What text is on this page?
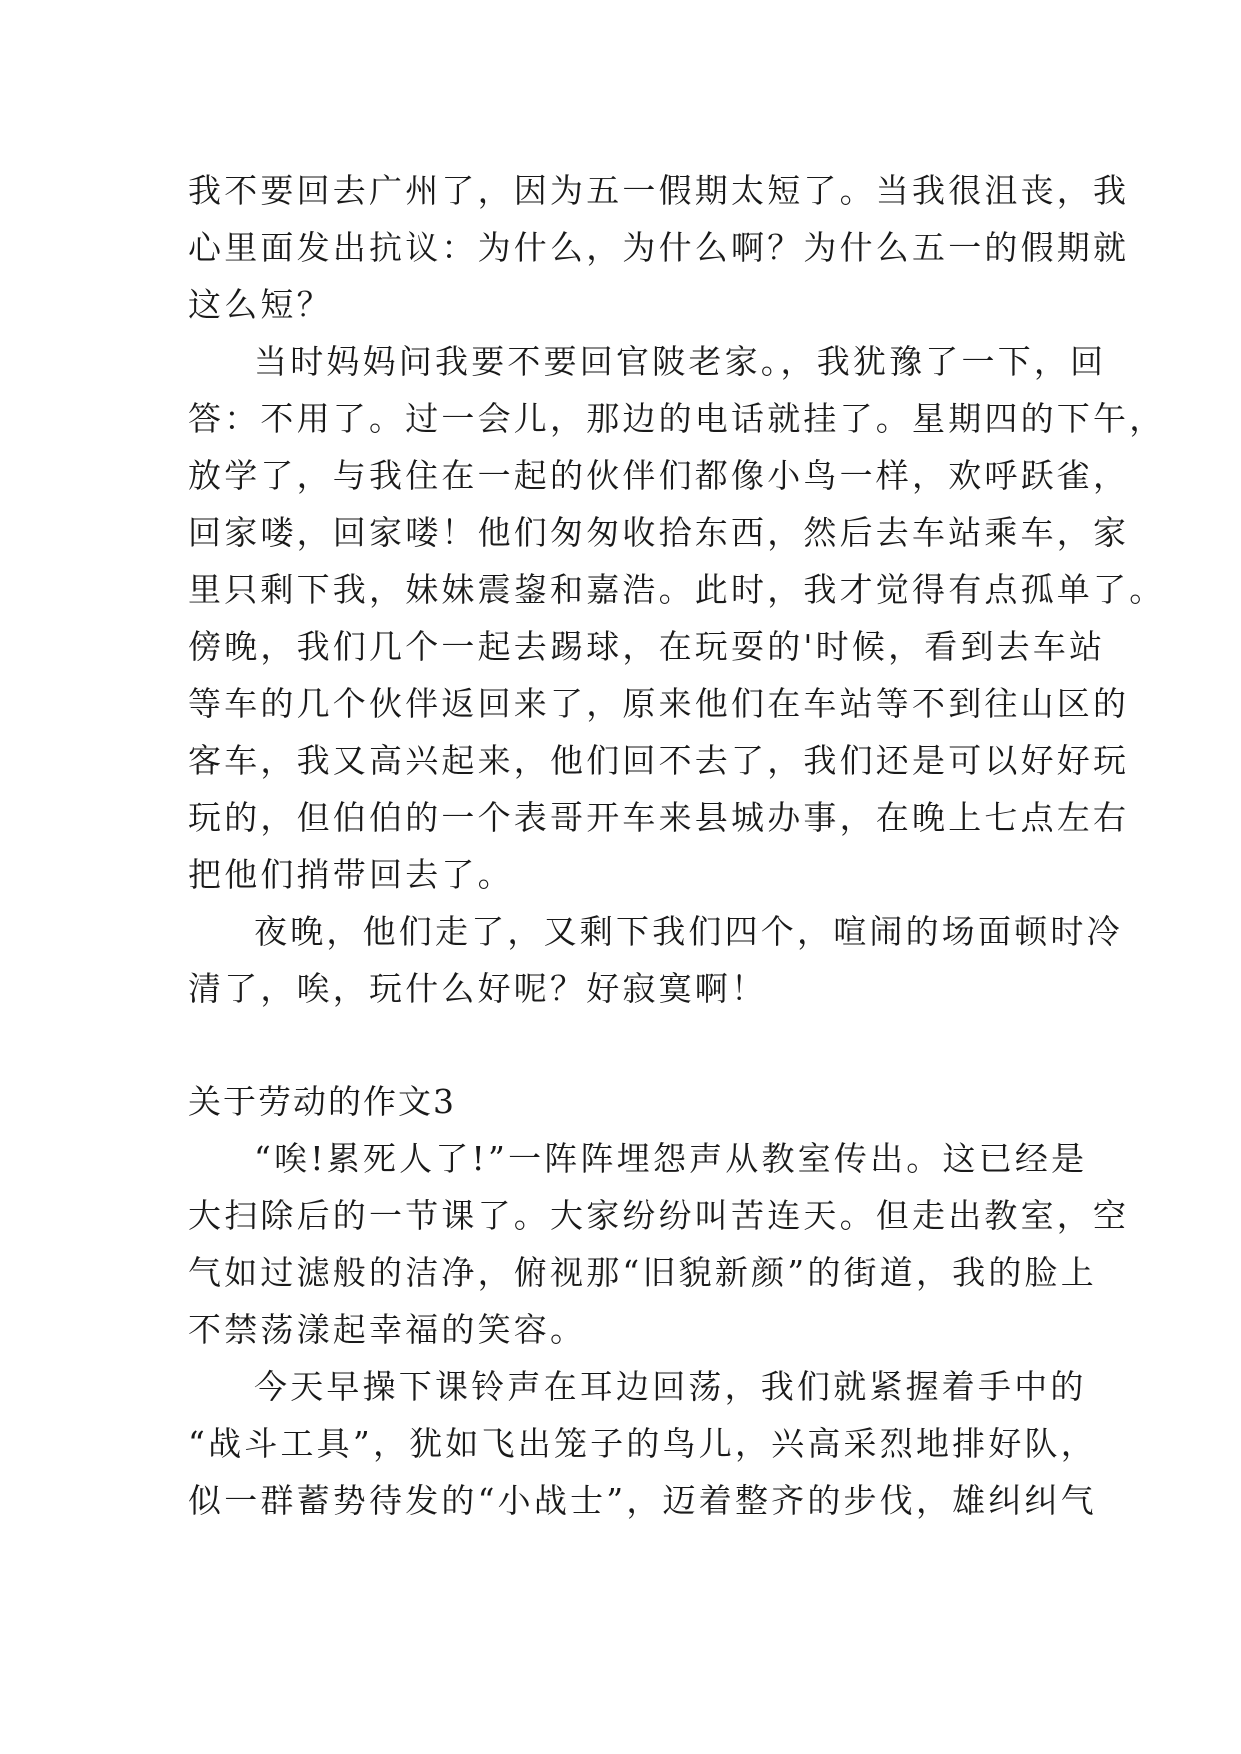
我不要回去广州了，因为五一假期太短了。当我很沮丧，我
心里面发出抗议：为什么，为什么啊？为什么五一的假期就
这么短？
当时妈妈问我要不要回官陂老家。，我犹豫了一下，回
答：不用了。过一会儿，那边的电话就挂了。星期四的下午，
放学了，与我住在一起的伙伴们都像小鸟一样，欢呼跃雀，
回家喽，回家喽！他们匆匆收拾东西，然后去车站乘车，家
里只剩下我，妹妹震鋆和嘉浩。此时，我才觉得有点孤单了。
傍晚，我们几个一起去踢球，在玩耍的'时候，看到去车站
等车的几个伙伴返回来了，原来他们在车站等不到往山区的
客车，我又高兴起来，他们回不去了，我们还是可以好好玩
玩的，但伯伯的一个表哥开车来县城办事，在晚上七点左右
把他们捎带回去了。
夜晚，他们走了，又剩下我们四个，喧闹的场面顿时冷
清了，唉，玩什么好呢？好寂寞啊！
关于劳动的作文3
“唉!累死人了!”一阵阵埋怨声从教室传出。这已经是
大扫除后的一节课了。大家纷纷叫苦连天。但走出教室，空
气如过滤般的洁净，俯视那“旧貌新颜”的街道，我的脸上
不禁荡漾起幸福的笑容。
今天早操下课铃声在耳边回荡，我们就紧握着手中的
“战斗工具”，犹如飞出笼子的鸟儿，兴高采烈地排好队，
似一群蓄势待发的“小战士”，迈着整齐的步伐，雄纠纠气
